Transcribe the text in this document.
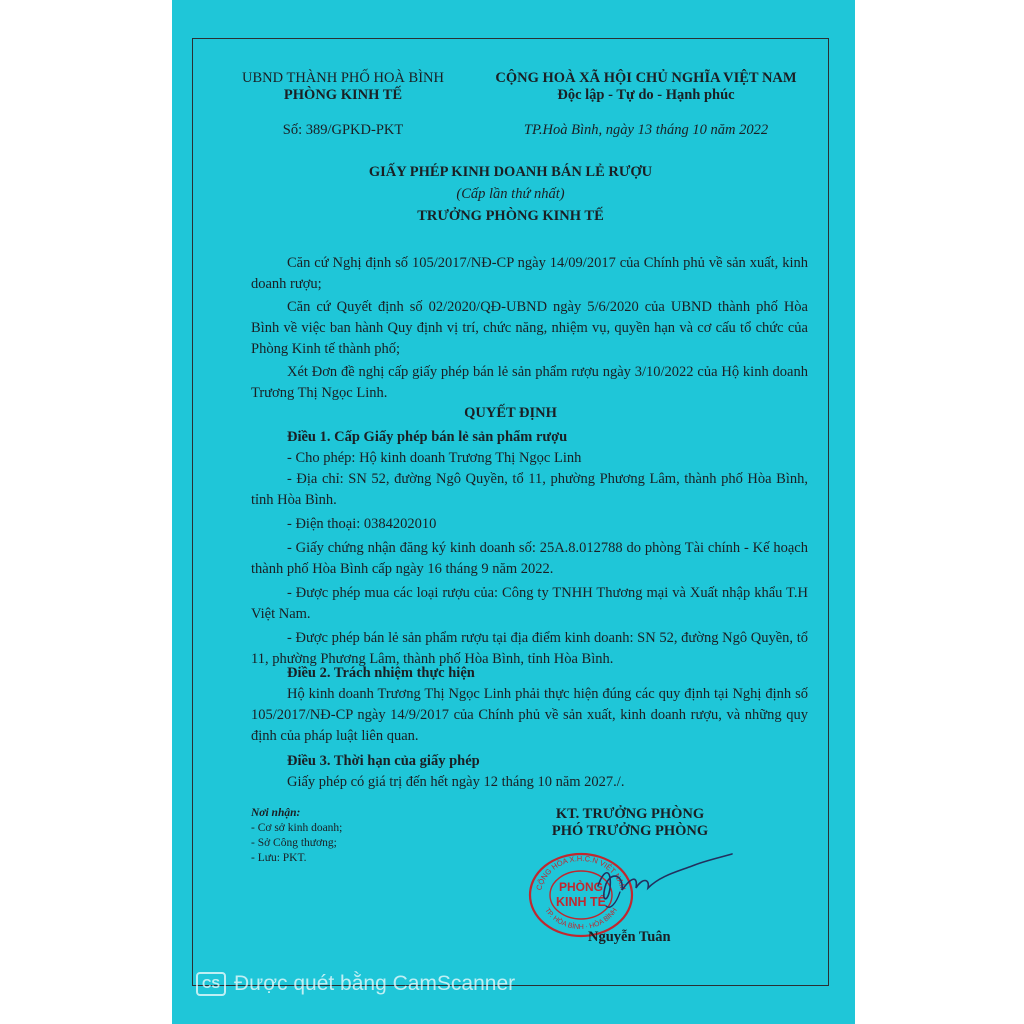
UBND THÀNH PHỐ HOÀ BÌNH
PHÒNG KINH TẾ
Số: 389/GPKD-PKT
CỘNG HOÀ XÃ HỘI CHỦ NGHĨA VIỆT NAM
Độc lập - Tự do - Hạnh phúc
TP.Hoà Bình, ngày 13 tháng 10 năm 2022
GIẤY PHÉP KINH DOANH BÁN LẺ RƯỢU
(Cấp lần thứ nhất)
TRƯỞNG PHÒNG KINH TẾ
Căn cứ Nghị định số 105/2017/NĐ-CP ngày 14/09/2017 của Chính phủ về sản xuất, kinh doanh rượu;
Căn cứ Quyết định số 02/2020/QĐ-UBND ngày 5/6/2020 của UBND thành phố Hòa Bình về việc ban hành Quy định vị trí, chức năng, nhiệm vụ, quyền hạn và cơ cấu tổ chức của Phòng Kinh tế thành phố;
Xét Đơn đề nghị cấp giấy phép bán lẻ sản phẩm rượu ngày 3/10/2022 của Hộ kinh doanh Trương Thị Ngọc Linh.
QUYẾT ĐỊNH
Điều 1. Cấp Giấy phép bán lẻ sản phẩm rượu
- Cho phép: Hộ kinh doanh Trương Thị Ngọc Linh
- Địa chỉ: SN 52, đường Ngô Quyền, tổ 11, phường Phương Lâm, thành phố Hòa Bình, tỉnh Hòa Bình.
- Điện thoại: 0384202010
- Giấy chứng nhận đăng ký kinh doanh số: 25A.8.012788 do phòng Tài chính - Kế hoạch thành phố Hòa Bình cấp ngày 16 tháng 9 năm 2022.
- Được phép mua các loại rượu của: Công ty TNHH Thương mại và Xuất nhập khẩu T.H Việt Nam.
- Được phép bán lẻ sản phẩm rượu tại địa điểm kinh doanh: SN 52, đường Ngô Quyền, tổ 11, phường Phương Lâm, thành phố Hòa Bình, tỉnh Hòa Bình.
Điều 2. Trách nhiệm thực hiện
Hộ kinh doanh Trương Thị Ngọc Linh phải thực hiện đúng các quy định tại Nghị định số 105/2017/NĐ-CP ngày 14/9/2017 của Chính phủ về sản xuất, kinh doanh rượu, và những quy định của pháp luật liên quan.
Điều 3. Thời hạn của giấy phép
Giấy phép có giá trị đến hết ngày 12 tháng 10 năm 2027./.
Nơi nhận:
- Cơ sở kinh doanh;
- Sở Công thương;
- Lưu: PKT.
KT. TRƯỞNG PHÒNG
PHÓ TRƯỞNG PHÒNG
CỘNG HÒA X.H.C.N VIỆT NAM
TP. HÒA BÌNH · HÒA BÌNH
PHÒNG
KINH TẾ
Nguyễn Tuân
CS Được quét bằng CamScanner
